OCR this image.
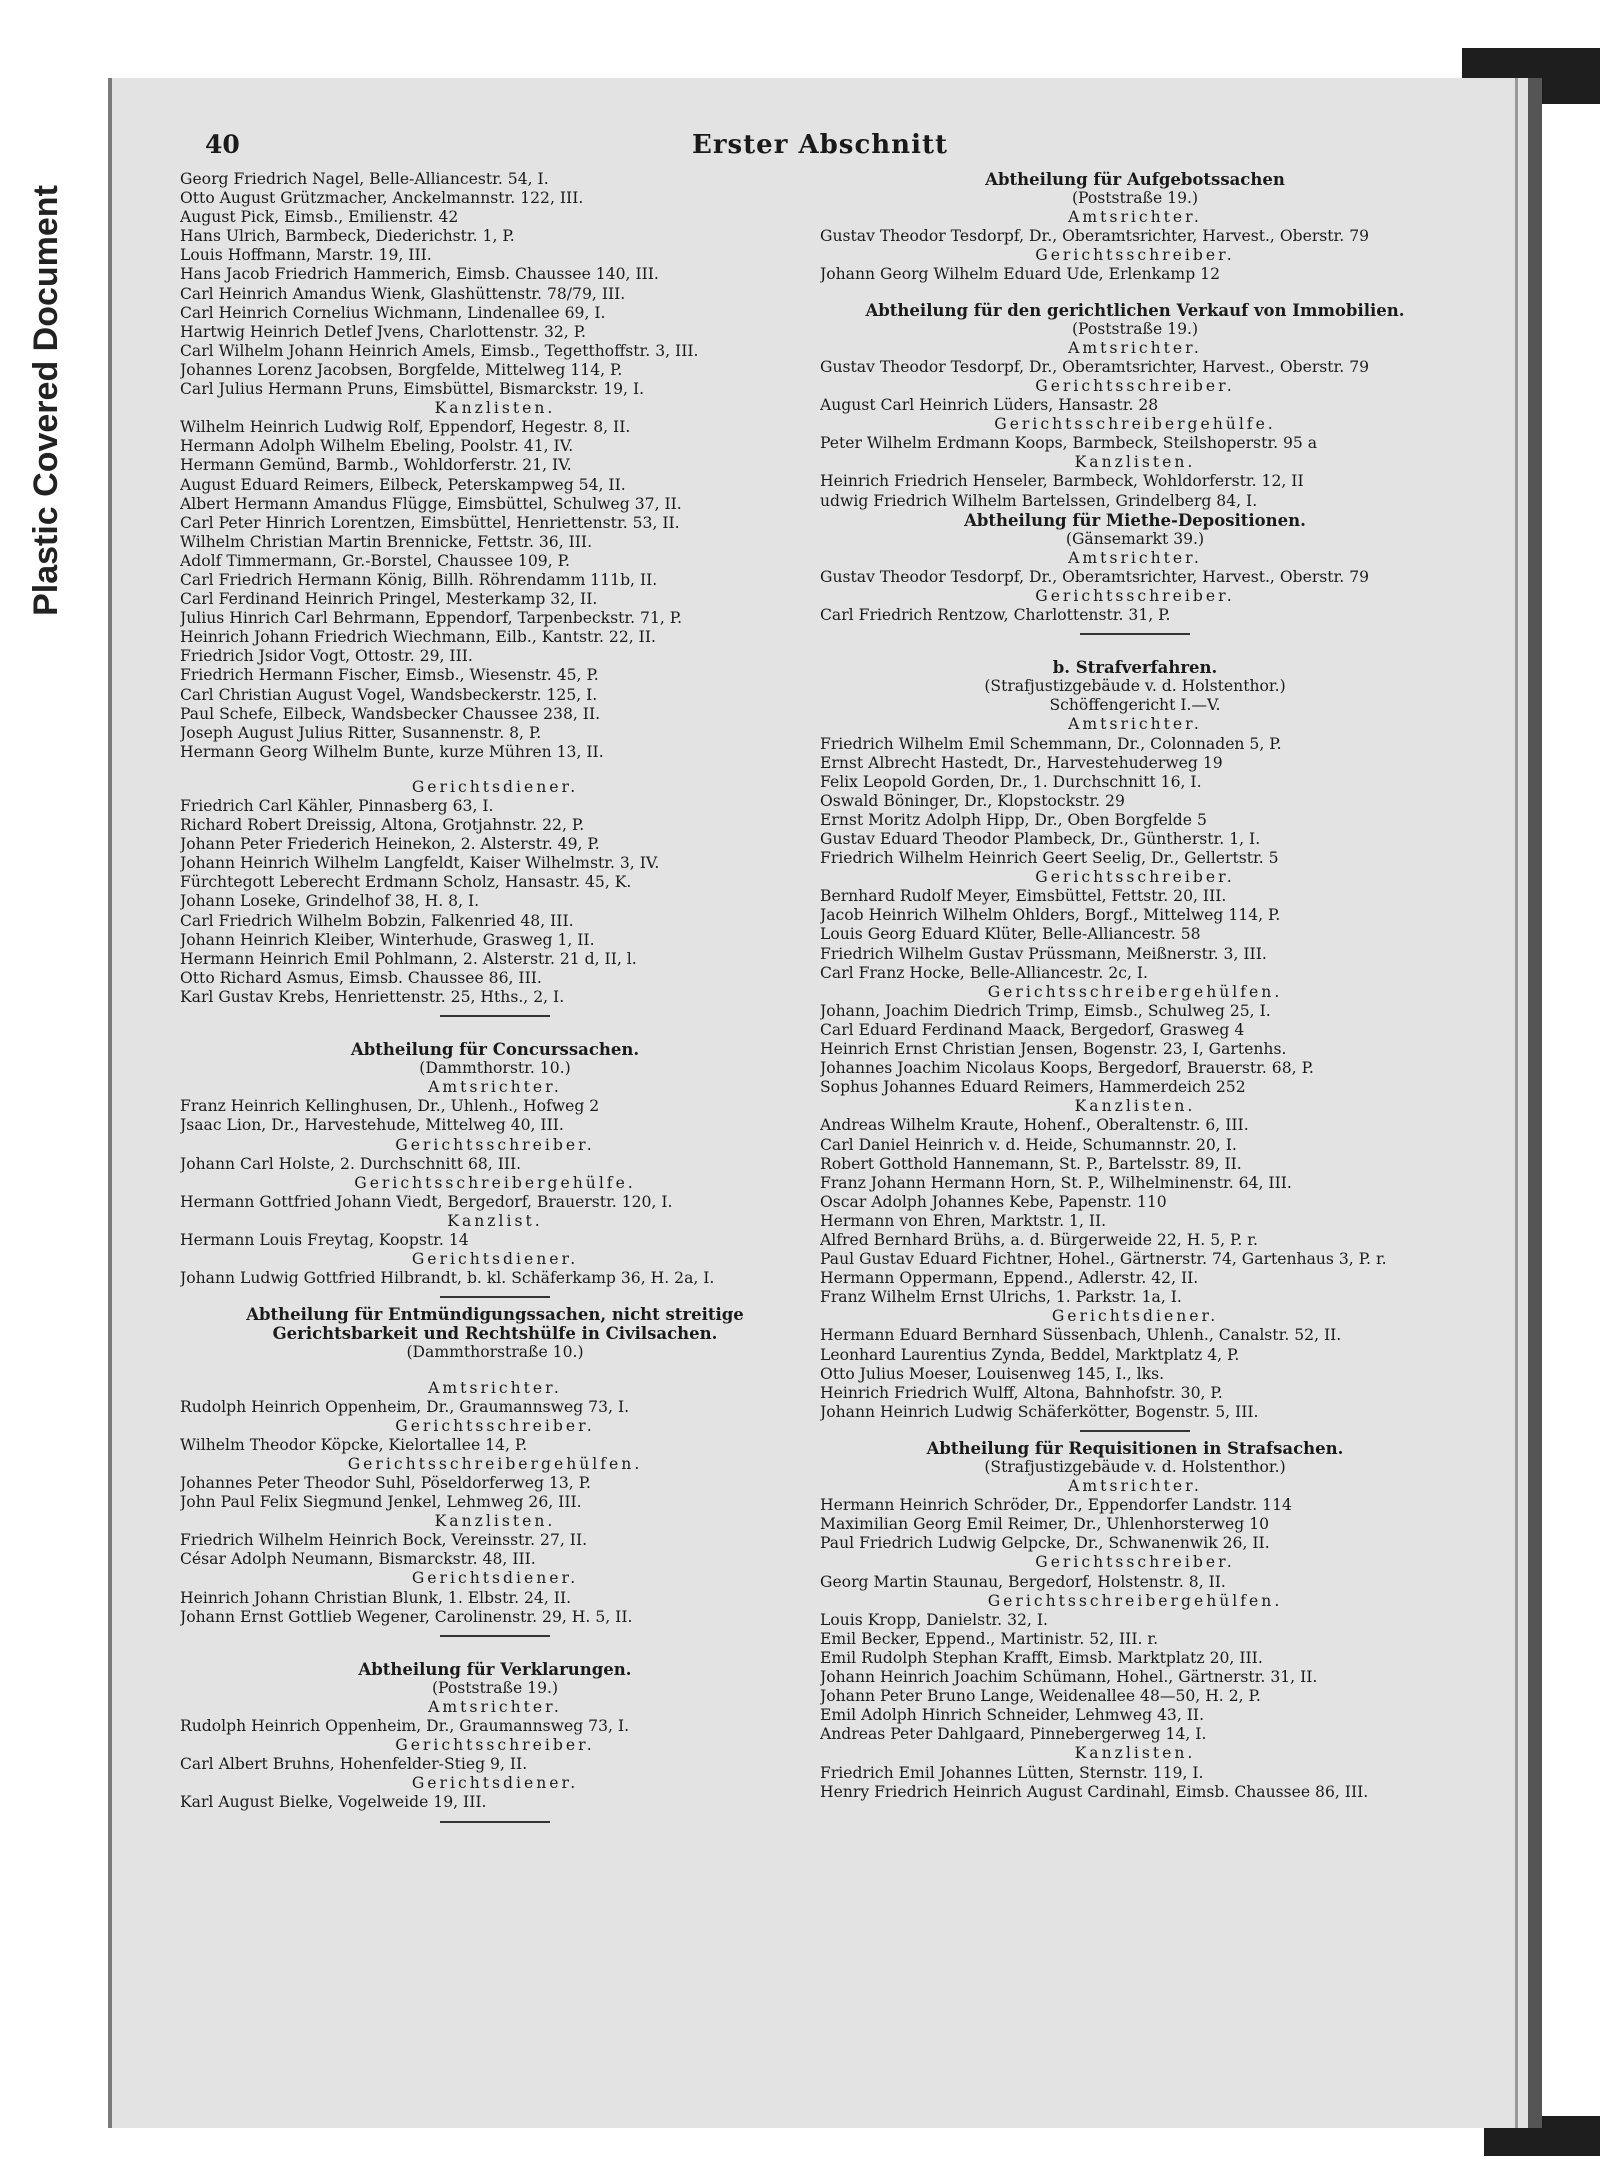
Plastic Covered Document
40	Erster Abschnitt
Georg Friedrich Nagel, Belle-Alliancestr. 54, I.
Otto August Grützmacher, Anckelmannstr. 122, III.
August Pick, Eimsb., Emilienstr. 42
Hans Ulrich, Barmbeck, Diederichstr. 1, P.
Louis Hoffmann, Marstr. 19, III.
Hans Jacob Friedrich Hammerich, Eimsb. Chaussee 140, III.
Carl Heinrich Amandus Wienk, Glashüttenstr. 78/79, III.
Carl Heinrich Cornelius Wichmann, Lindenallee 69, I.
Hartwig Heinrich Detlef Jvens, Charlottenstr. 32, P.
Carl Wilhelm Johann Heinrich Amels, Eimsb., Tegetthoffstr. 3, III.
Johannes Lorenz Jacobsen, Borgfelde, Mittelweg 114, P.
Carl Julius Hermann Pruns, Eimsbüttel, Bismarckstr. 19, I.
Kanzlisten.
Wilhelm Heinrich Ludwig Rolf, Eppendorf, Hegestr. 8, II.
Hermann Adolph Wilhelm Ebeling, Poolstr. 41, IV.
Hermann Gemünd, Barmb., Wohldorferstr. 21, IV.
August Eduard Reimers, Eilbeck, Peterskampweg 54, II.
Albert Hermann Amandus Flügge, Eimsbüttel, Schulweg 37, II.
Carl Peter Hinrich Lorentzen, Eimsbüttel, Henriettenstr. 53, II.
Wilhelm Christian Martin Brennicke, Fettstr. 36, III.
Adolf Timmermann, Gr.-Borstel, Chaussee 109, P.
Carl Friedrich Hermann König, Billh. Röhrendamm 111b, II.
Carl Ferdinand Heinrich Pringel, Mesterkamp 32, II.
Julius Hinrich Carl Behrmann, Eppendorf, Tarpenbeckstr. 71, P.
Heinrich Johann Friedrich Wiechmann, Eilb., Kantstr. 22, II.
Friedrich Jsidor Vogt, Ottostr. 29, III.
Friedrich Hermann Fischer, Eimsb., Wiesenstr. 45, P.
Carl Christian August Vogel, Wandsbeckerstr. 125, I.
Paul Schefe, Eilbeck, Wandsbecker Chaussee 238, II.
Joseph August Julius Ritter, Susannenstr. 8, P.
Hermann Georg Wilhelm Bunte, kurze Mühren 13, II.
Gerichtsdiener.
Friedrich Carl Kähler, Pinnasberg 63, I.
Richard Robert Dreissig, Altona, Grotjahnstr. 22, P.
Johann Peter Friederich Heinekon, 2. Alsterstr. 49, P.
Johann Heinrich Wilhelm Langfeldt, Kaiser Wilhelmstr. 3, IV.
Fürchtegott Leberecht Erdmann Scholz, Hansastr. 45, K.
Johann Loseke, Grindelhof 38, H. 8, I.
Carl Friedrich Wilhelm Bobzin, Falkenried 48, III.
Johann Heinrich Kleiber, Winterhude, Grasweg 1, II.
Hermann Heinrich Emil Pohlmann, 2. Alsterstr. 21 d, II, l.
Otto Richard Asmus, Eimsb. Chaussee 86, III.
Karl Gustav Krebs, Henriettenstr. 25, Hths., 2, I.
Abtheilung für Concurssachen.
(Dammthorstr. 10.)
Amtsrichter.
Franz Heinrich Kellinghusen, Dr., Uhlenh., Hofweg 2
Jsaac Lion, Dr., Harvestehude, Mittelweg 40, III.
Gerichtsschreiber.
Johann Carl Holste, 2. Durchschnitt 68, III.
Gerichtsschreibergehülfe.
Hermann Gottfried Johann Viedt, Bergedorf, Brauerstr. 120, I.
Kanzlist.
Hermann Louis Freytag, Koopstr. 14
Gerichtsdiener.
Johann Ludwig Gottfried Hilbrandt, b. kl. Schäferkamp 36, H. 2a, I.
Abtheilung für Entmündigungssachen, nicht streitige
Gerichtsbarkeit und Rechtshülfe in Civilsachen.
(Dammthorstraße 10.)
Amtsrichter.
Rudolph Heinrich Oppenheim, Dr., Graumannsweg 73, I.
Gerichtsschreiber.
Wilhelm Theodor Köpcke, Kielortallee 14, P.
Gerichtsschreibergehülfen.
Johannes Peter Theodor Suhl, Pöseldorferweg 13, P.
John Paul Felix Siegmund Jenkel, Lehmweg 26, III.
Kanzlisten.
Friedrich Wilhelm Heinrich Bock, Vereinsstr. 27, II.
César Adolph Neumann, Bismarckstr. 48, III.
Gerichtsdiener.
Heinrich Johann Christian Blunk, 1. Elbstr. 24, II.
Johann Ernst Gottlieb Wegener, Carolinenstr. 29, H. 5, II.
Abtheilung für Verklarungen.
(Poststraße 19.)
Amtsrichter.
Rudolph Heinrich Oppenheim, Dr., Graumannsweg 73, I.
Gerichtsschreiber.
Carl Albert Bruhns, Hohenfelder-Stieg 9, II.
Gerichtsdiener.
Karl August Bielke, Vogelweide 19, III.
Abtheilung für Aufgebotssachen
(Poststraße 19.)
Amtsrichter.
Gustav Theodor Tesdorpf, Dr., Oberamtsrichter, Harvest., Oberstr. 79
Gerichtsschreiber.
Johann Georg Wilhelm Eduard Ude, Erlenkamp 12
Abtheilung für den gerichtlichen Verkauf von Immobilien.
(Poststraße 19.)
Amtsrichter.
Gustav Theodor Tesdorpf, Dr., Oberamtsrichter, Harvest., Oberstr. 79
Gerichtsschreiber.
August Carl Heinrich Lüders, Hansastr. 28
Gerichtsschreibergehülfe.
Peter Wilhelm Erdmann Koops, Barmbeck, Steilshoperstr. 95 a
Kanzlisten.
Heinrich Friedrich Henseler, Barmbeck, Wohldorferstr. 12, II
udwig Friedrich Wilhelm Bartelssen, Grindelberg 84, I.
Abtheilung für Miethe-Depositionen.
(Gänsemarkt 39.)
Amtsrichter.
Gustav Theodor Tesdorpf, Dr., Oberamtsrichter, Harvest., Oberstr. 79
Gerichtsschreiber.
Carl Friedrich Rentzow, Charlottenstr. 31, P.
b. Strafverfahren.
(Strafjustizgebäude v. d. Holstenthor.)
Schöffengericht I.—V.
Amtsrichter.
Friedrich Wilhelm Emil Schemmann, Dr., Colonnaden 5, P.
Ernst Albrecht Hastedt, Dr., Harvestehuderweg 19
Felix Leopold Gorden, Dr., 1. Durchschnitt 16, I.
Oswald Böninger, Dr., Klopstockstr. 29
Ernst Moritz Adolph Hipp, Dr., Oben Borgfelde 5
Gustav Eduard Theodor Plambeck, Dr., Güntherstr. 1, I.
Friedrich Wilhelm Heinrich Geert Seelig, Dr., Gellertstr. 5
Gerichtsschreiber.
Bernhard Rudolf Meyer, Eimsbüttel, Fettstr. 20, III.
Jacob Heinrich Wilhelm Ohlders, Borgf., Mittelweg 114, P.
Louis Georg Eduard Klüter, Belle-Alliancestr. 58
Friedrich Wilhelm Gustav Prüssmann, Meißnerstr. 3, III.
Carl Franz Hocke, Belle-Alliancestr. 2c, I.
Gerichtsschreibergehülfen.
Johann, Joachim Diedrich Trimp, Eimsb., Schulweg 25, I.
Carl Eduard Ferdinand Maack, Bergedorf, Grasweg 4
Heinrich Ernst Christian Jensen, Bogenstr. 23, I, Gartenhs.
Johannes Joachim Nicolaus Koops, Bergedorf, Brauerstr. 68, P.
Sophus Johannes Eduard Reimers, Hammerdeich 252
Kanzlisten.
Andreas Wilhelm Kraute, Hohenf., Oberaltenstr. 6, III.
Carl Daniel Heinrich v. d. Heide, Schumannstr. 20, I.
Robert Gotthold Hannemann, St. P., Bartelsstr. 89, II.
Franz Johann Hermann Horn, St. P., Wilhelminenstr. 64, III.
Oscar Adolph Johannes Kebe, Papenstr. 110
Hermann von Ehren, Marktstr. 1, II.
Alfred Bernhard Brühs, a. d. Bürgerweide 22, H. 5, P. r.
Paul Gustav Eduard Fichtner, Hohel., Gärtnerstr. 74, Gartenhaus 3, P. r.
Hermann Oppermann, Eppend., Adlerstr. 42, II.
Franz Wilhelm Ernst Ulrichs, 1. Parkstr. 1a, I.
Gerichtsdiener.
Hermann Eduard Bernhard Süssenbach, Uhlenh., Canalstr. 52, II.
Leonhard Laurentius Zynda, Beddel, Marktplatz 4, P.
Otto Julius Moeser, Louisenweg 145, I., lks.
Heinrich Friedrich Wulff, Altona, Bahnhofstr. 30, P.
Johann Heinrich Ludwig Schäferkötter, Bogenstr. 5, III.
Abtheilung für Requisitionen in Strafsachen.
(Strafjustizgebäude v. d. Holstenthor.)
Amtsrichter.
Hermann Heinrich Schröder, Dr., Eppendorfer Landstr. 114
Maximilian Georg Emil Reimer, Dr., Uhlenhorsterweg 10
Paul Friedrich Ludwig Gelpcke, Dr., Schwanenwik 26, II.
Gerichtsschreiber.
Georg Martin Staunau, Bergedorf, Holstenstr. 8, II.
Gerichtsschreibergehülfen.
Louis Kropp, Danielstr. 32, I.
Emil Becker, Eppend., Martinistr. 52, III. r.
Emil Rudolph Stephan Krafft, Eimsb. Marktplatz 20, III.
Johann Heinrich Joachim Schümann, Hohel., Gärtnerstr. 31, II.
Johann Peter Bruno Lange, Weidenallee 48—50, H. 2, P.
Emil Adolph Hinrich Schneider, Lehmweg 43, II.
Andreas Peter Dahlgaard, Pinnebergerweg 14, I.
Kanzlisten.
Friedrich Emil Johannes Lütten, Sternstr. 119, I.
Henry Friedrich Heinrich August Cardinahl, Eimsb. Chaussee 86, III.
